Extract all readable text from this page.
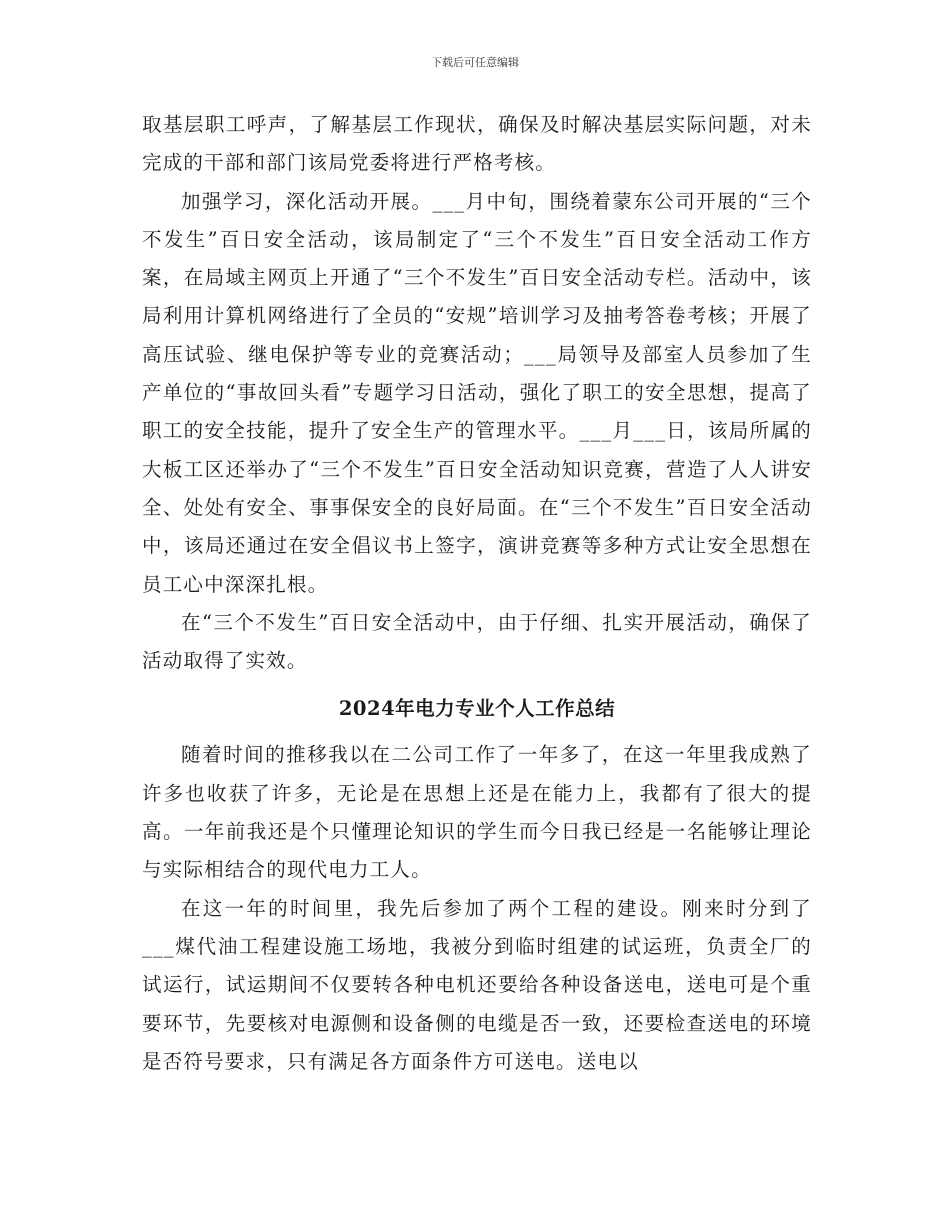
下载后可任意编辑

取基层职工呼声，了解基层工作现状，确保及时解决基层实际问题，对未完成的干部和部门该局党委将进行严格考核。

加强学习，深化活动开展。___月中旬，围绕着蒙东公司开展的“三个不发生”百日安全活动，该局制定了“三个不发生”百日安全活动工作方案，在局域主网页上开通了“三个不发生”百日安全活动专栏。活动中，该局利用计算机网络进行了全员的“安规”培训学习及抽考答卷考核；开展了高压试验、继电保护等专业的竞赛活动；___局领导及部室人员参加了生产单位的“事故回头看”专题学习日活动，强化了职工的安全思想，提高了职工的安全技能，提升了安全生产的管理水平。___月___日，该局所属的大板工区还举办了“三个不发生”百日安全活动知识竞赛，营造了人人讲安全、处处有安全、事事保安全的良好局面。在“三个不发生”百日安全活动中，该局还通过在安全倡议书上签字，演讲竞赛等多种方式让安全思想在员工心中深深扎根。

在“三个不发生”百日安全活动中，由于仔细、扎实开展活动，确保了活动取得了实效。

2024年电力专业个人工作总结

随着时间的推移我以在二公司工作了一年多了，在这一年里我成熟了许多也收获了许多，无论是在思想上还是在能力上，我都有了很大的提高。一年前我还是个只懂理论知识的学生而今日我已经是一名能够让理论与实际相结合的现代电力工人。

在这一年的时间里，我先后参加了两个工程的建设。刚来时分到了___煤代油工程建设施工场地，我被分到临时组建的试运班，负责全厂的试运行，试运期间不仅要转各种电机还要给各种设备送电，送电可是个重要环节，先要核对电源侧和设备侧的电缆是否一致，还要检查送电的环境是否符号要求，只有满足各方面条件方可送电。送电以
